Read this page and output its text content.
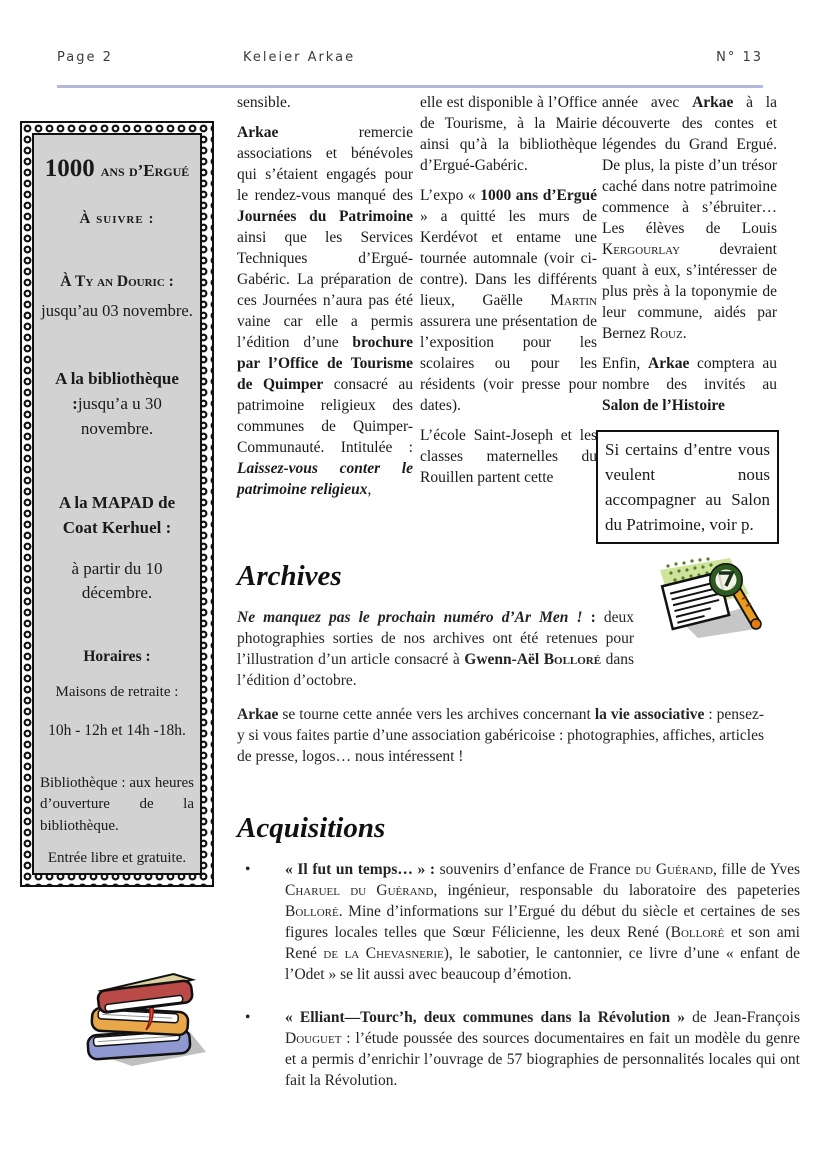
Page 2	Keleier Arkae	N° 13
1000 ans d’Ergué
À suivre :
À Ty an Douric :
jusqu’au 03 novembre.
A la bibliothèque :jusqu’a u 30 novembre.
A la MAPAD de Coat Kerhuel :
à partir du 10 décembre.
Horaires :
Maisons de retraite :
10h - 12h et 14h -18h.
Bibliothèque : aux heures d’ouverture de la bibliothèque.
Entrée libre et gratuite.

sensible.

Arkae remercie associations et bénévoles qui s’étaient engagés pour le rendez-vous manqué des Journées du Patrimoine ainsi que les Services Techniques d’Ergué-Gabéric. La préparation de ces Journées n’aura pas été vaine car elle a permis l’édition d’une brochure par l’Office de Tourisme de Quimper consacré au patrimoine religieux des communes de Quimper-Communauté. Intitulée : Laissez-vous conter le patrimoine religieux,

elle est disponible à l’Office de Tourisme, à la Mairie ainsi qu’à la bibliothèque d’Ergué-Gabéric.

L’expo « 1000 ans d’Ergué » a quitté les murs de Kerdévot et entame une tournée automnale (voir ci-contre). Dans les différents lieux, Gaëlle Martin assurera une présentation de l’exposition pour les scolaires ou pour les résidents (voir presse pour dates).

L’école Saint-Joseph et les classes maternelles du Rouillen partent cette

année avec Arkae à la découverte des contes et légendes du Grand Ergué. De plus, la piste d’un trésor caché dans notre patrimoine commence à s’ébruiter… Les élèves de Louis Kergourlay devraient quant à eux, s’intéresser de plus près à la toponymie de leur commune, aidés par Bernez Rouz.

Enfin, Arkae comptera au nombre des invités au Salon de l’Histoire

Si certains d’entre vous veulent nous accompagner au Salon du Patrimoine, voir p.
Archives

Ne manquez pas le prochain numéro d’Ar Men ! : deux photographies sorties de nos archives ont été retenues pour l’illustration d’un article consacré à Gwenn-Aël Bolloré dans l’édition d’octobre.

Arkae se tourne cette année vers les archives concernant la vie associative : pensez-y si vous faites partie d’une association gabéricoise : photographies, affiches, articles de presse, logos… nous intéressent !

Acquisitions
• « Il fut un temps… » : souvenirs d’enfance de France du Guérand, fille de Yves Charuel du Guérand, ingénieur, responsable du laboratoire des papeteries Bolloré. Mine d’informations sur l’Ergué du début du siècle et certaines de ses figures locales telles que Sœur Félicienne, les deux René (Bolloré et son ami René de la Chevasnerie), le sabotier, le cantonnier, ce livre d’une « enfant de l’Odet » se lit aussi avec beaucoup d’émotion.
• « Elliant—Tourc’h, deux communes dans la Révolution » de Jean-François Douguet : l’étude poussée des sources documentaires en fait un modèle du genre et a permis d’enrichir l’ouvrage de 57 biographies de personnalités locales qui ont fait la Révolution.
